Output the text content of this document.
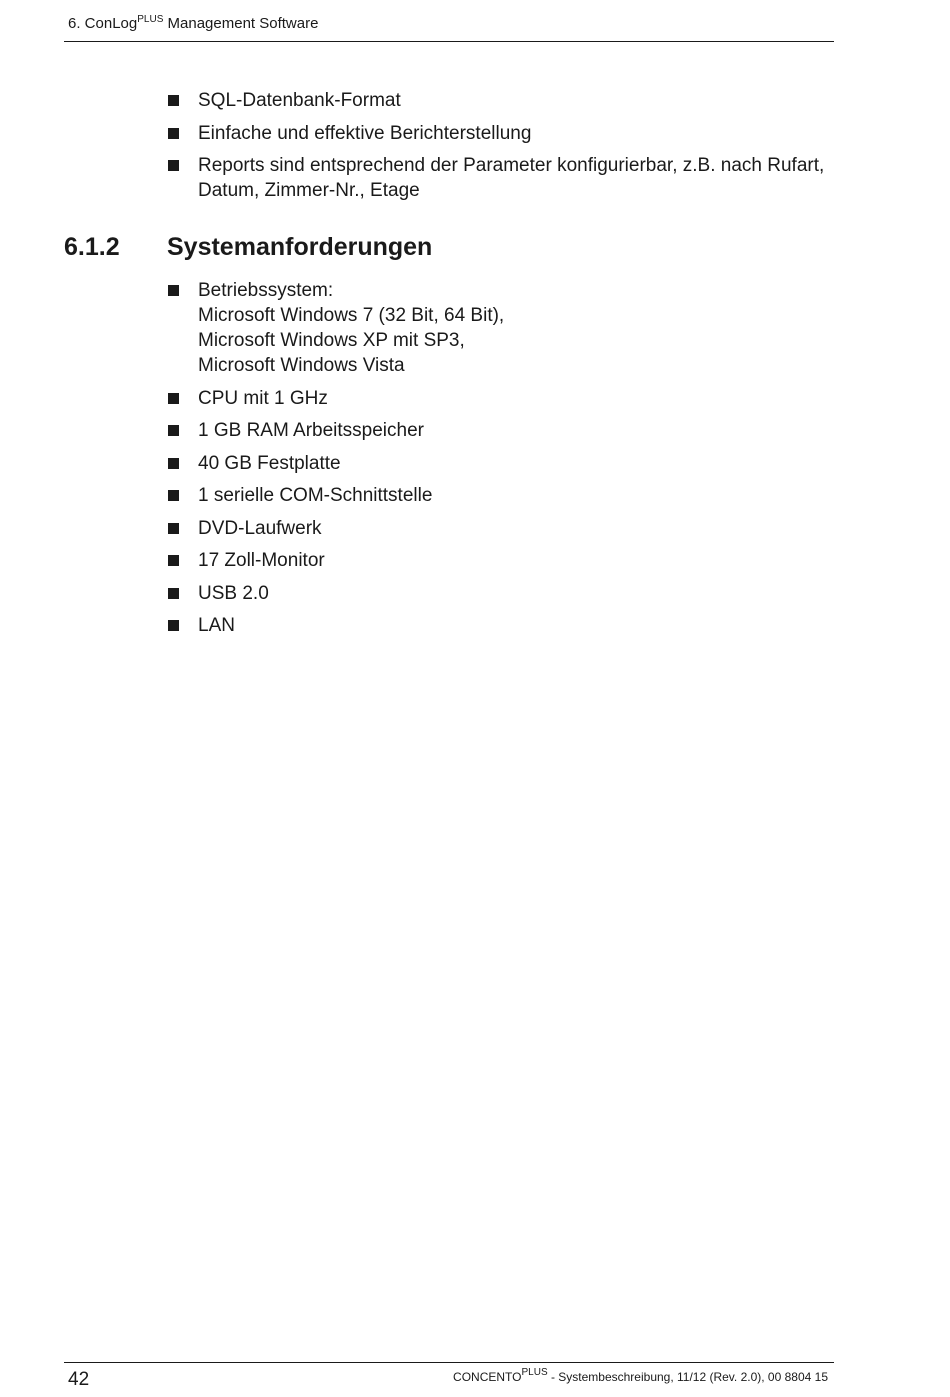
6. ConLog$^{PLUS}$ Management Software
SQL-Datenbank-Format
Einfache und effektive Berichterstellung
Reports sind entsprechend der Parameter konfigurierbar, z.B. nach Rufart,
Datum, Zimmer-Nr., Etage
6.1.2 Systemanforderungen
Betriebssystem:
Microsoft Windows 7 (32 Bit, 64 Bit),
Microsoft Windows XP mit SP3,
Microsoft Windows Vista
CPU mit 1 GHz
1 GB RAM Arbeitsspeicher
40 GB Festplatte
1 serielle COM-Schnittstelle
DVD-Laufwerk
17 Zoll-Monitor
USB 2.0
LAN
42	$CONCENTO^{PLUS}$ - Systembeschreibung, 11/12 (Rev. 2.0), 00 8804 15
